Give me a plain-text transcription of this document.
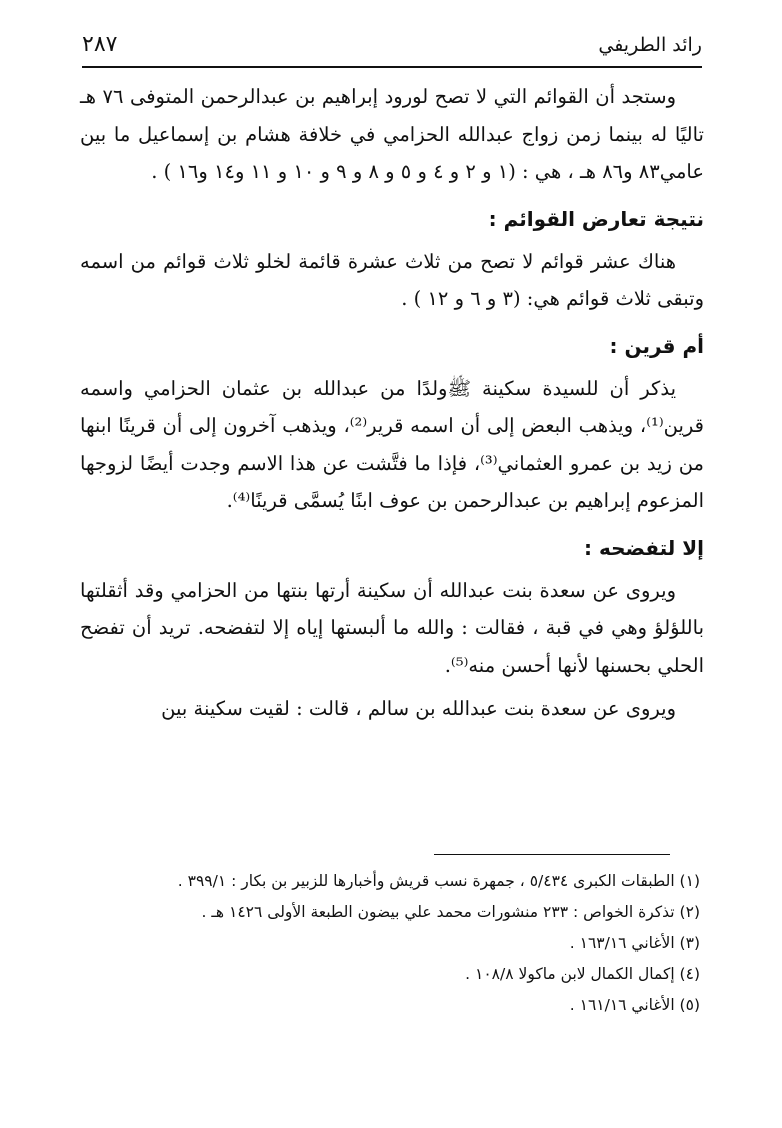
رائد الطريفي
٢٨٧

وستجد أن القوائم التي لا تصح لورود إبراهيم بن عبدالرحمن المتوفى ٧٦ هـ تاليًا له بينما زمن زواج عبدالله الحزامي في خلافة هشام بن إسماعيل ما بين عامي٨٣ و٨٦ هـ ، هي : (١ و ٢ و ٤ و ٥ و ٨ و ٩ و ١٠ و ١١ و١٤ و١٦ ) .

نتيجة تعارض القوائم :

هناك عشر قوائم لا تصح من ثلاث عشرة قائمة لخلو ثلاث قوائم من اسمه وتبقى ثلاث قوائم هي: (٣ و ٦ و ١٢ ) .

أم قرين :

يذكر أن للسيدة سكينة ﷺولدًا من عبدالله بن عثمان الحزامي واسمه قرين⁽¹⁾، ويذهب البعض إلى أن اسمه قرير⁽²⁾، ويذهب آخرون إلى أن قرينًا ابنها من زيد بن عمرو العثماني⁽³⁾، فإذا ما فتَّشت عن هذا الاسم وجدت أيضًا لزوجها المزعوم إبراهيم بن عبدالرحمن بن عوف ابنًا يُسمَّى قرينًا⁽⁴⁾.

إلا لتفضحه :

ويروى عن سعدة بنت عبدالله أن سكينة أرتها بنتها من الحزامي وقد أثقلتها باللؤلؤ وهي في قبة ، فقالت : والله ما ألبستها إياه إلا لتفضحه. تريد أن تفضح الحلي بحسنها لأنها أحسن منه⁽⁵⁾.

ويروى عن سعدة بنت عبدالله بن سالم ، قالت : لقيت سكينة بين

(١) الطبقات الكبرى ٥/٤٣٤ ، جمهرة نسب قريش وأخبارها للزبير بن بكار : ٣٩٩/١ .

(٢) تذكرة الخواص : ٢٣٣ منشورات محمد علي بيضون الطبعة الأولى ١٤٢٦ هـ .

(٣) الأغاني ١٦٣/١٦ .

(٤) إكمال الكمال لابن ماكولا ١٠٨/٨ .

(٥) الأغاني ١٦١/١٦ .
